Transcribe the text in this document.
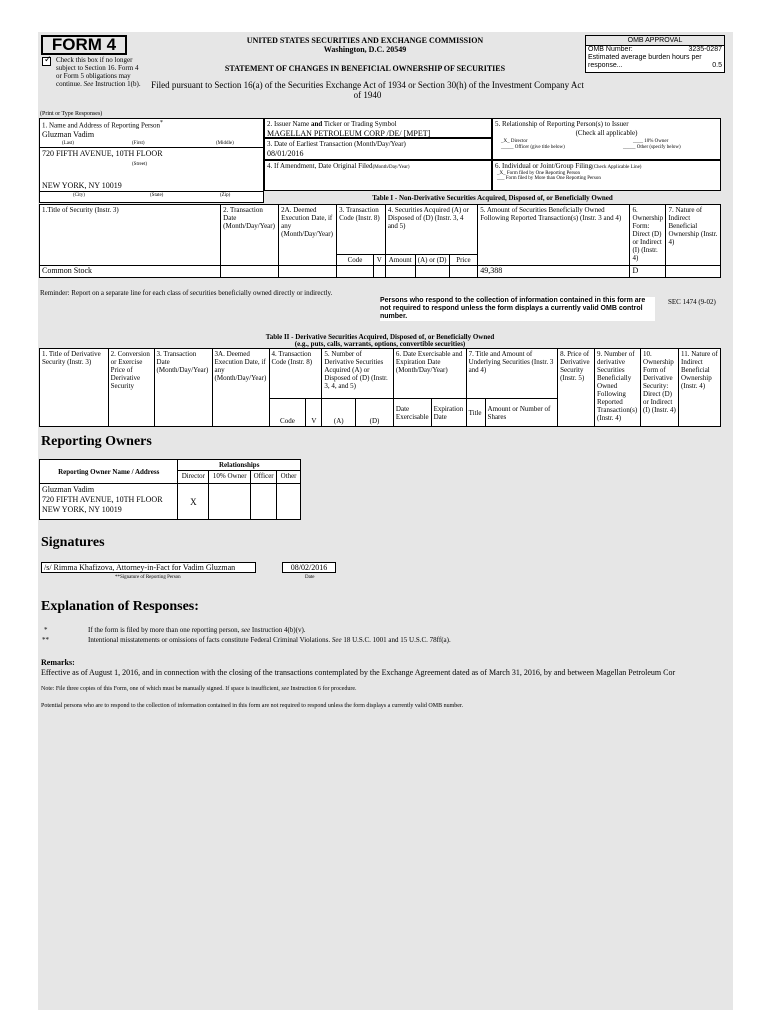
FORM 4
✓ Check this box if no longer subject to Section 16. Form 4 or Form 5 obligations may continue. See Instruction 1(b).
UNITED STATES SECURITIES AND EXCHANGE COMMISSION
Washington, D.C. 20549
STATEMENT OF CHANGES IN BENEFICIAL OWNERSHIP OF SECURITIES
Filed pursuant to Section 16(a) of the Securities Exchange Act of 1934 or Section 30(h) of the Investment Company Act of 1940
OMB APPROVAL
OMB Number:	3235-0287
Estimated average burden hours per response...	0.5
(Print or Type Responses)
1. Name and Address of Reporting Person*
Gluzman Vadim
(Last)	(First)	(Middle)
720 FIFTH AVENUE, 10TH FLOOR
(Street)
NEW YORK, NY 10019
(City)	(State)	(Zip)
2. Issuer Name and Ticker or Trading Symbol
MAGELLAN PETROLEUM CORP /DE/ [MPET]
3. Date of Earliest Transaction (Month/Day/Year)
08/01/2016
4. If Amendment, Date Original Filed(Month/Day/Year)
5. Relationship of Reporting Person(s) to Issuer
(Check all applicable)
_X_ Director	____ 10% Owner
_____ Officer (give title below)	_____ Other (specify below)
6. Individual or Joint/Group Filing(Check Applicable Line)
_X_ Form filed by One Reporting Person
___ Form filed by More than One Reporting Person
Table I - Non-Derivative Securities Acquired, Disposed of, or Beneficially Owned
1.Title of Security (Instr. 3)	2. Transaction Date (Month/Day/Year)	2A. Deemed Execution Date, if any (Month/Day/Year)	3. Transaction Code (Instr. 8)		4. Securities Acquired (A) or Disposed of (D) (Instr. 3, 4 and 5)			5. Amount of Securities Beneficially Owned Following Reported Transaction(s) (Instr. 3 and 4)	6. Ownership Form: Direct (D) or Indirect (I) (Instr. 4)	7. Nature of Indirect Beneficial Ownership (Instr. 4)
			Code	V	Amount	(A) or (D)	Price			
Common Stock								49,388	D	
Reminder: Report on a separate line for each class of securities beneficially owned directly or indirectly.
Persons who respond to the collection of information contained in this form are not required to respond unless the form displays a currently valid OMB control number.
SEC 1474 (9-02)
Table II - Derivative Securities Acquired, Disposed of, or Beneficially Owned
(e.g., puts, calls, warrants, options, convertible securities)
1. Title of Derivative Security (Instr. 3)	2. Conversion or Exercise Price of Derivative Security	3. Transaction Date (Month/Day/Year)	3A. Deemed Execution Date, if any (Month/Day/Year)	4. Transaction Code (Instr. 8)		5. Number of Derivative Securities Acquired (A) or Disposed of (D) (Instr. 3, 4, and 5)		6. Date Exercisable and Expiration Date (Month/Day/Year)		7. Title and Amount of Underlying Securities (Instr. 3 and 4)		8. Price of Derivative Security (Instr. 5)	9. Number of derivative Securities Beneficially Owned Following Reported Transaction(s) (Instr. 4)	10. Ownership Form of Derivative Security: Direct (D) or Indirect (I) (Instr. 4)	11. Nature of Indirect Beneficial Ownership (Instr. 4)
				Code	V	(A)	(D)	Date Exercisable	Expiration Date	Title	Amount or Number of Shares				
Reporting Owners
Reporting Owner Name / Address	Relationships			
	Director	10% Owner	Officer	Other

Gluzman Vadim
720 FIFTH AVENUE, 10TH FLOOR
NEW YORK, NY 10019	X			
Signatures
/s/ Rimma Khafizova, Attorney-in-Fact for Vadim Gluzman	08/02/2016
**Signature of Reporting Person	Date
Explanation of Responses:
*	If the form is filed by more than one reporting person, see Instruction 4(b)(v).
**	Intentional misstatements or omissions of facts constitute Federal Criminal Violations. See 18 U.S.C. 1001 and 15 U.S.C. 78ff(a).
Remarks:
Effective as of August 1, 2016, and in connection with the closing of the transactions contemplated by the Exchange Agreement dated as of March 31, 2016, by and between Magellan Petroleum Cor
Note: File three copies of this Form, one of which must be manually signed. If space is insufficient, see Instruction 6 for procedure.
Potential persons who are to respond to the collection of information contained in this form are not required to respond unless the form displays a currently valid OMB number.
